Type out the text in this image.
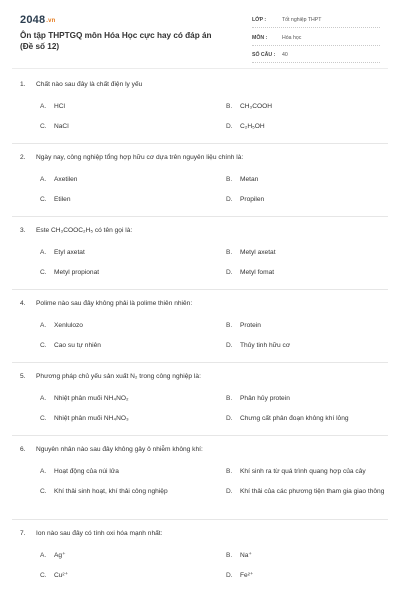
2048.vn
Ôn tập THPTGQ môn Hóa Học cực hay có đáp án (Đề số 12)
LỚP :	Tốt nghiệp THPT
MÔN :	Hóa học
SỐ CÂU :	40
1.	Chất nào sau đây là chất điện ly yếu
A.	HCl	B.	CH₃COOH
C.	NaCl	D.	C₂H₅OH
2.	Ngày nay, công nghiệp tổng hợp hữu cơ dựa trên nguyên liệu chính là:
A.	Axetilen	B.	Metan
C.	Etilen	D.	Propilen
3.	Este CH₃COOC₂H₅ có tên gọi là:
A.	Etyl axetat	B.	Metyl axetat
C.	Metyl propionat	D.	Metyl fomat
4.	Polime nào sau đây không phải là polime thiên nhiên:
A.	Xenlulozo	B.	Protein
C.	Cao su tự nhiên	D.	Thủy tinh hữu cơ
5.	Phương pháp chủ yếu sản xuất N₂ trong công nghiệp là:
A.	Nhiệt phân muối NH₄NO₂	B.	Phân hủy protein
C.	Nhiệt phân muối NH₄NO₃	D.	Chưng cất phân đoạn không khí lỏng
6.	Nguyên nhân nào sau đây không gây ô nhiễm không khí:
A.	Hoạt động của núi lửa	B.	Khí sinh ra từ quá trình quang hợp của cây
C.	Khí thải sinh hoạt, khí thải công nghiệp	D.	Khí thải của các phương tiện tham gia giao thông
7.	Ion nào sau đây có tính oxi hóa mạnh nhất:
A.	Ag⁺	B.	Na⁺
C.	Cu²⁺	D.	Fe²⁺
